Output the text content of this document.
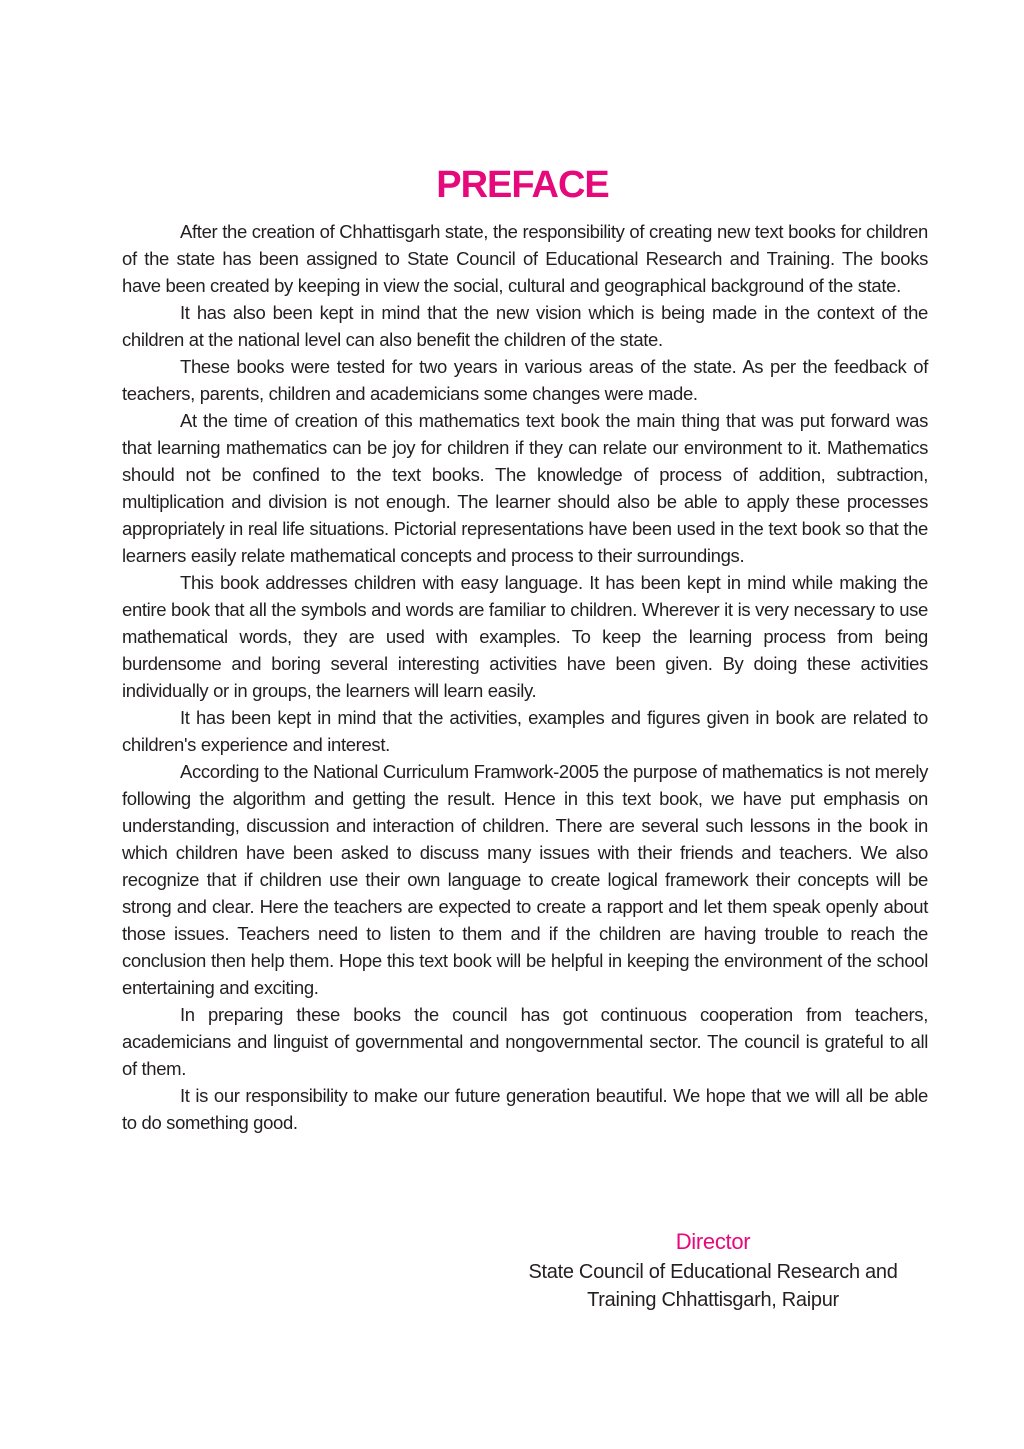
PREFACE

After the creation of Chhattisgarh state, the responsibility of creating new text books for children of the state has been assigned to State Council of Educational Research and Training. The books have been created by keeping in view the social, cultural and geographical background of the state.

It has also been kept in mind that the new vision which is being made in the context of the children at the national level can also benefit the children of the state.

These books were tested for two years in various areas of the state. As per the feedback of teachers, parents, children and academicians some changes were made.

At the time of creation of this mathematics text book the main thing that was put forward was that learning mathematics can be joy for children if they can relate our environment to it. Mathematics should not be confined to the text books. The knowledge of process of addition, subtraction, multiplication and division is not enough. The learner should also be able to apply these processes appropriately in real life situations. Pictorial representations have been used in the text book so that the learners easily relate mathematical concepts and process to their surroundings.

This book addresses children with easy language. It has been kept in mind while making the entire book that all the symbols and words are familiar to children. Wherever it is very necessary to use mathematical words, they are used with examples. To keep the learning process from being burdensome and boring several interesting activities have been given. By doing these activities individually or in groups, the learners will learn easily.

It has been kept in mind that the activities, examples and figures given in book are related to children's experience and interest.

According to the National Curriculum Framwork-2005 the purpose of mathematics is not merely following the algorithm and getting the result. Hence in this text book, we have put emphasis on understanding, discussion and interaction of children. There are several such lessons in the book in which children have been asked to discuss many issues with their friends and teachers. We also recognize that if children use their own language to create logical framework their concepts will be strong and clear. Here the teachers are expected to create a rapport and let them speak openly about those issues. Teachers need to listen to them and if the children are having trouble to reach the conclusion then help them. Hope this text book will be helpful in keeping the environment of the school entertaining and exciting.

In preparing these books the council has got continuous cooperation from teachers, academicians and linguist of governmental and nongovernmental sector. The council is grateful to all of them.

It is our responsibility to make our future generation beautiful. We hope that we will all be able to do something good.

Director
State Council of Educational Research and
Training Chhattisgarh, Raipur
